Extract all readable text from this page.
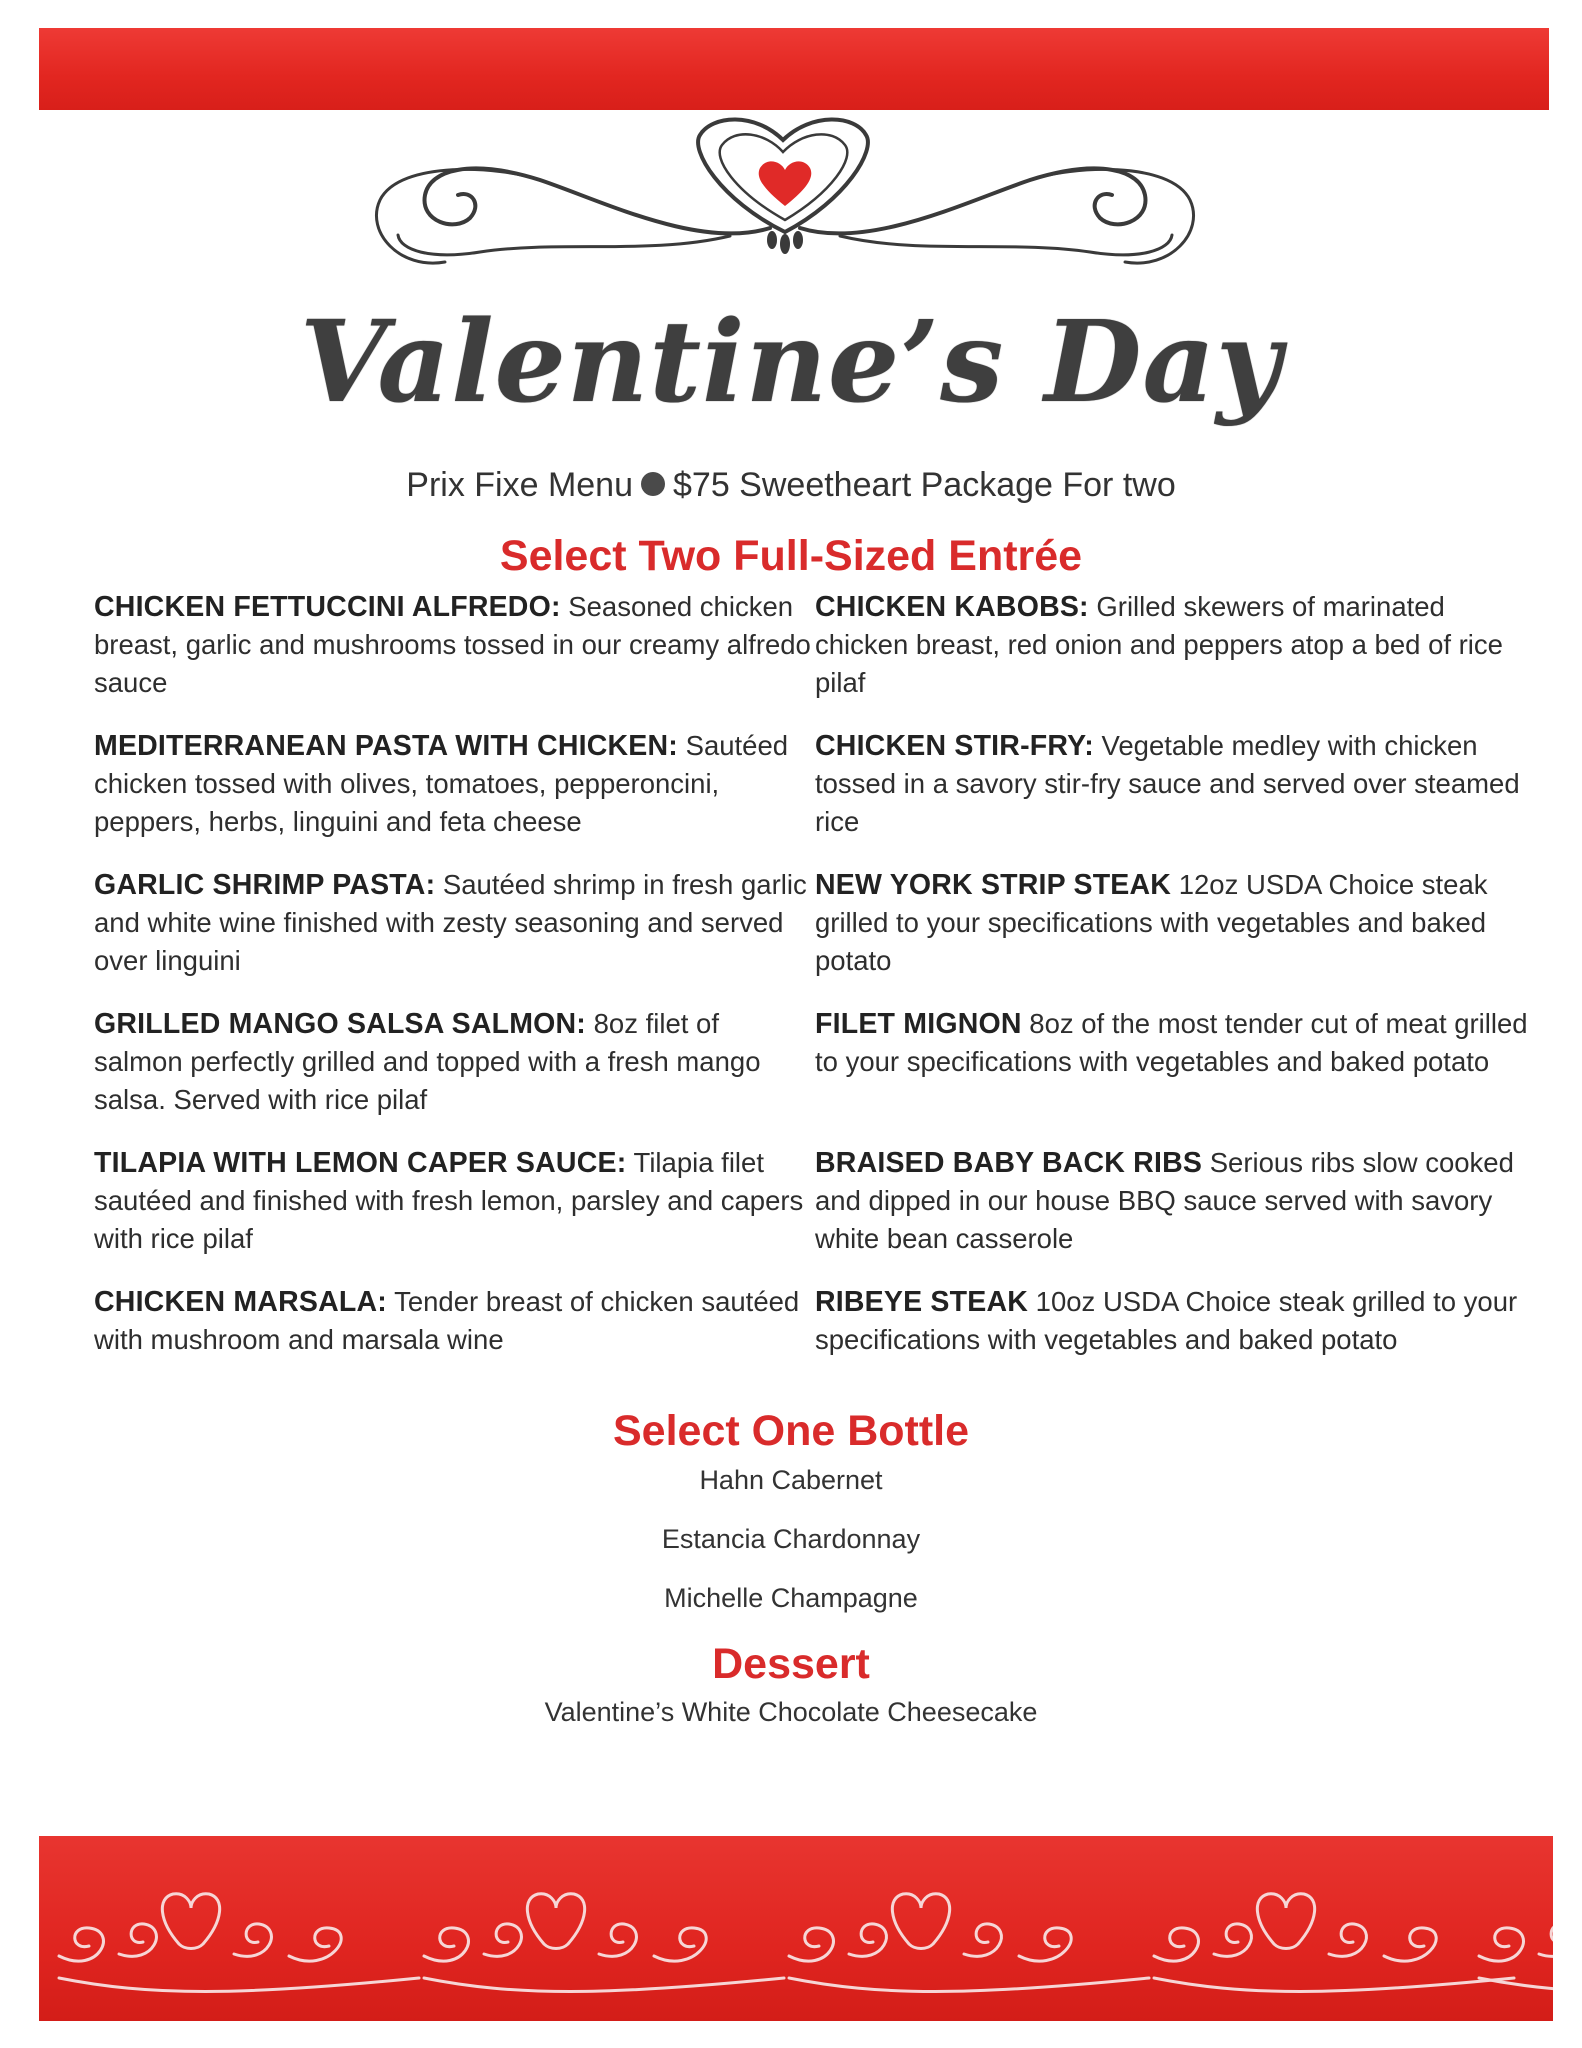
Valentine’s Day
Prix Fixe Menu $75 Sweetheart Package For two
Select Two Full-Sized Entrée
CHICKEN FETTUCCINI ALFREDO: Seasoned chicken breast, garlic and mushrooms tossed in our creamy alfredo sauce
MEDITERRANEAN PASTA WITH CHICKEN: Sautéed chicken tossed with olives, tomatoes, pepperoncini, peppers, herbs, linguini and feta cheese
GARLIC SHRIMP PASTA: Sautéed shrimp in fresh garlic and white wine finished with zesty seasoning and served over linguini
GRILLED MANGO SALSA SALMON: 8oz filet of salmon perfectly grilled and topped with a fresh mango salsa. Served with rice pilaf
TILAPIA WITH LEMON CAPER SAUCE: Tilapia filet sautéed and finished with fresh lemon, parsley and capers with rice pilaf
CHICKEN MARSALA: Tender breast of chicken sautéed with mushroom and marsala wine
CHICKEN KABOBS: Grilled skewers of marinated chicken breast, red onion and peppers atop a bed of rice pilaf
CHICKEN STIR-FRY: Vegetable medley with chicken tossed in a savory stir-fry sauce and served over steamed rice
NEW YORK STRIP STEAK 12oz USDA Choice steak grilled to your specifications with vegetables and baked potato
FILET MIGNON 8oz of the most tender cut of meat grilled to your specifications with vegetables and baked potato
BRAISED BABY BACK RIBS Serious ribs slow cooked and dipped in our house BBQ sauce served with savory white bean casserole
RIBEYE STEAK 10oz USDA Choice steak grilled to your specifications with vegetables and baked potato
Select One Bottle
Hahn Cabernet
Estancia Chardonnay
Michelle Champagne
Dessert
Valentine’s White Chocolate Cheesecake
